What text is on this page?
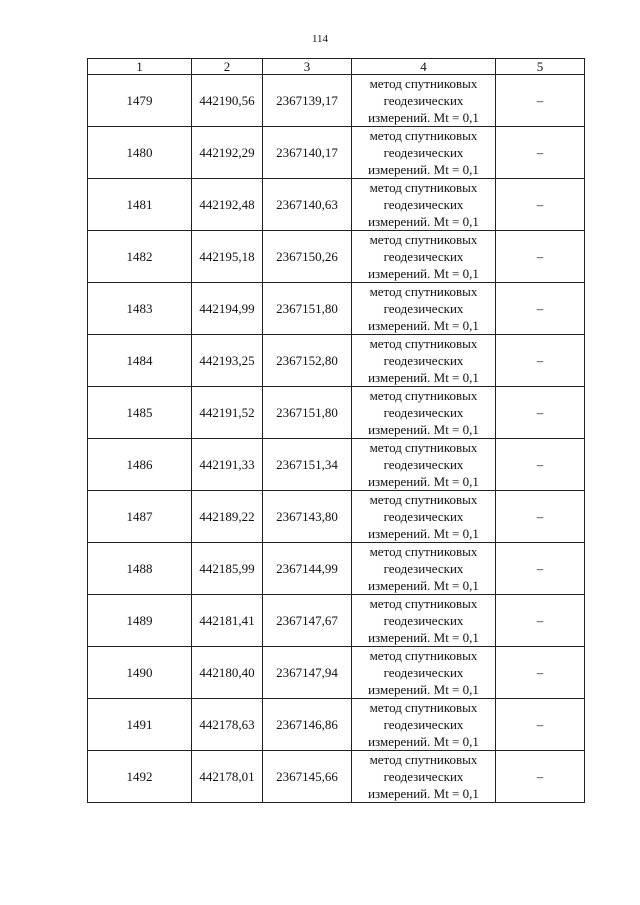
114
1	2	3	4	5
1479	442190,56	2367139,17	метод спутниковых
геодезических
измерений. Mt = 0,1	–
1480	442192,29	2367140,17	метод спутниковых
геодезических
измерений. Mt = 0,1	–
1481	442192,48	2367140,63	метод спутниковых
геодезических
измерений. Mt = 0,1	–
1482	442195,18	2367150,26	метод спутниковых
геодезических
измерений. Mt = 0,1	–
1483	442194,99	2367151,80	метод спутниковых
геодезических
измерений. Mt = 0,1	–
1484	442193,25	2367152,80	метод спутниковых
геодезических
измерений. Mt = 0,1	–
1485	442191,52	2367151,80	метод спутниковых
геодезических
измерений. Mt = 0,1	–
1486	442191,33	2367151,34	метод спутниковых
геодезических
измерений. Mt = 0,1	–
1487	442189,22	2367143,80	метод спутниковых
геодезических
измерений. Mt = 0,1	–
1488	442185,99	2367144,99	метод спутниковых
геодезических
измерений. Mt = 0,1	–
1489	442181,41	2367147,67	метод спутниковых
геодезических
измерений. Mt = 0,1	–
1490	442180,40	2367147,94	метод спутниковых
геодезических
измерений. Mt = 0,1	–
1491	442178,63	2367146,86	метод спутниковых
геодезических
измерений. Mt = 0,1	–
1492	442178,01	2367145,66	метод спутниковых
геодезических
измерений. Mt = 0,1	–
